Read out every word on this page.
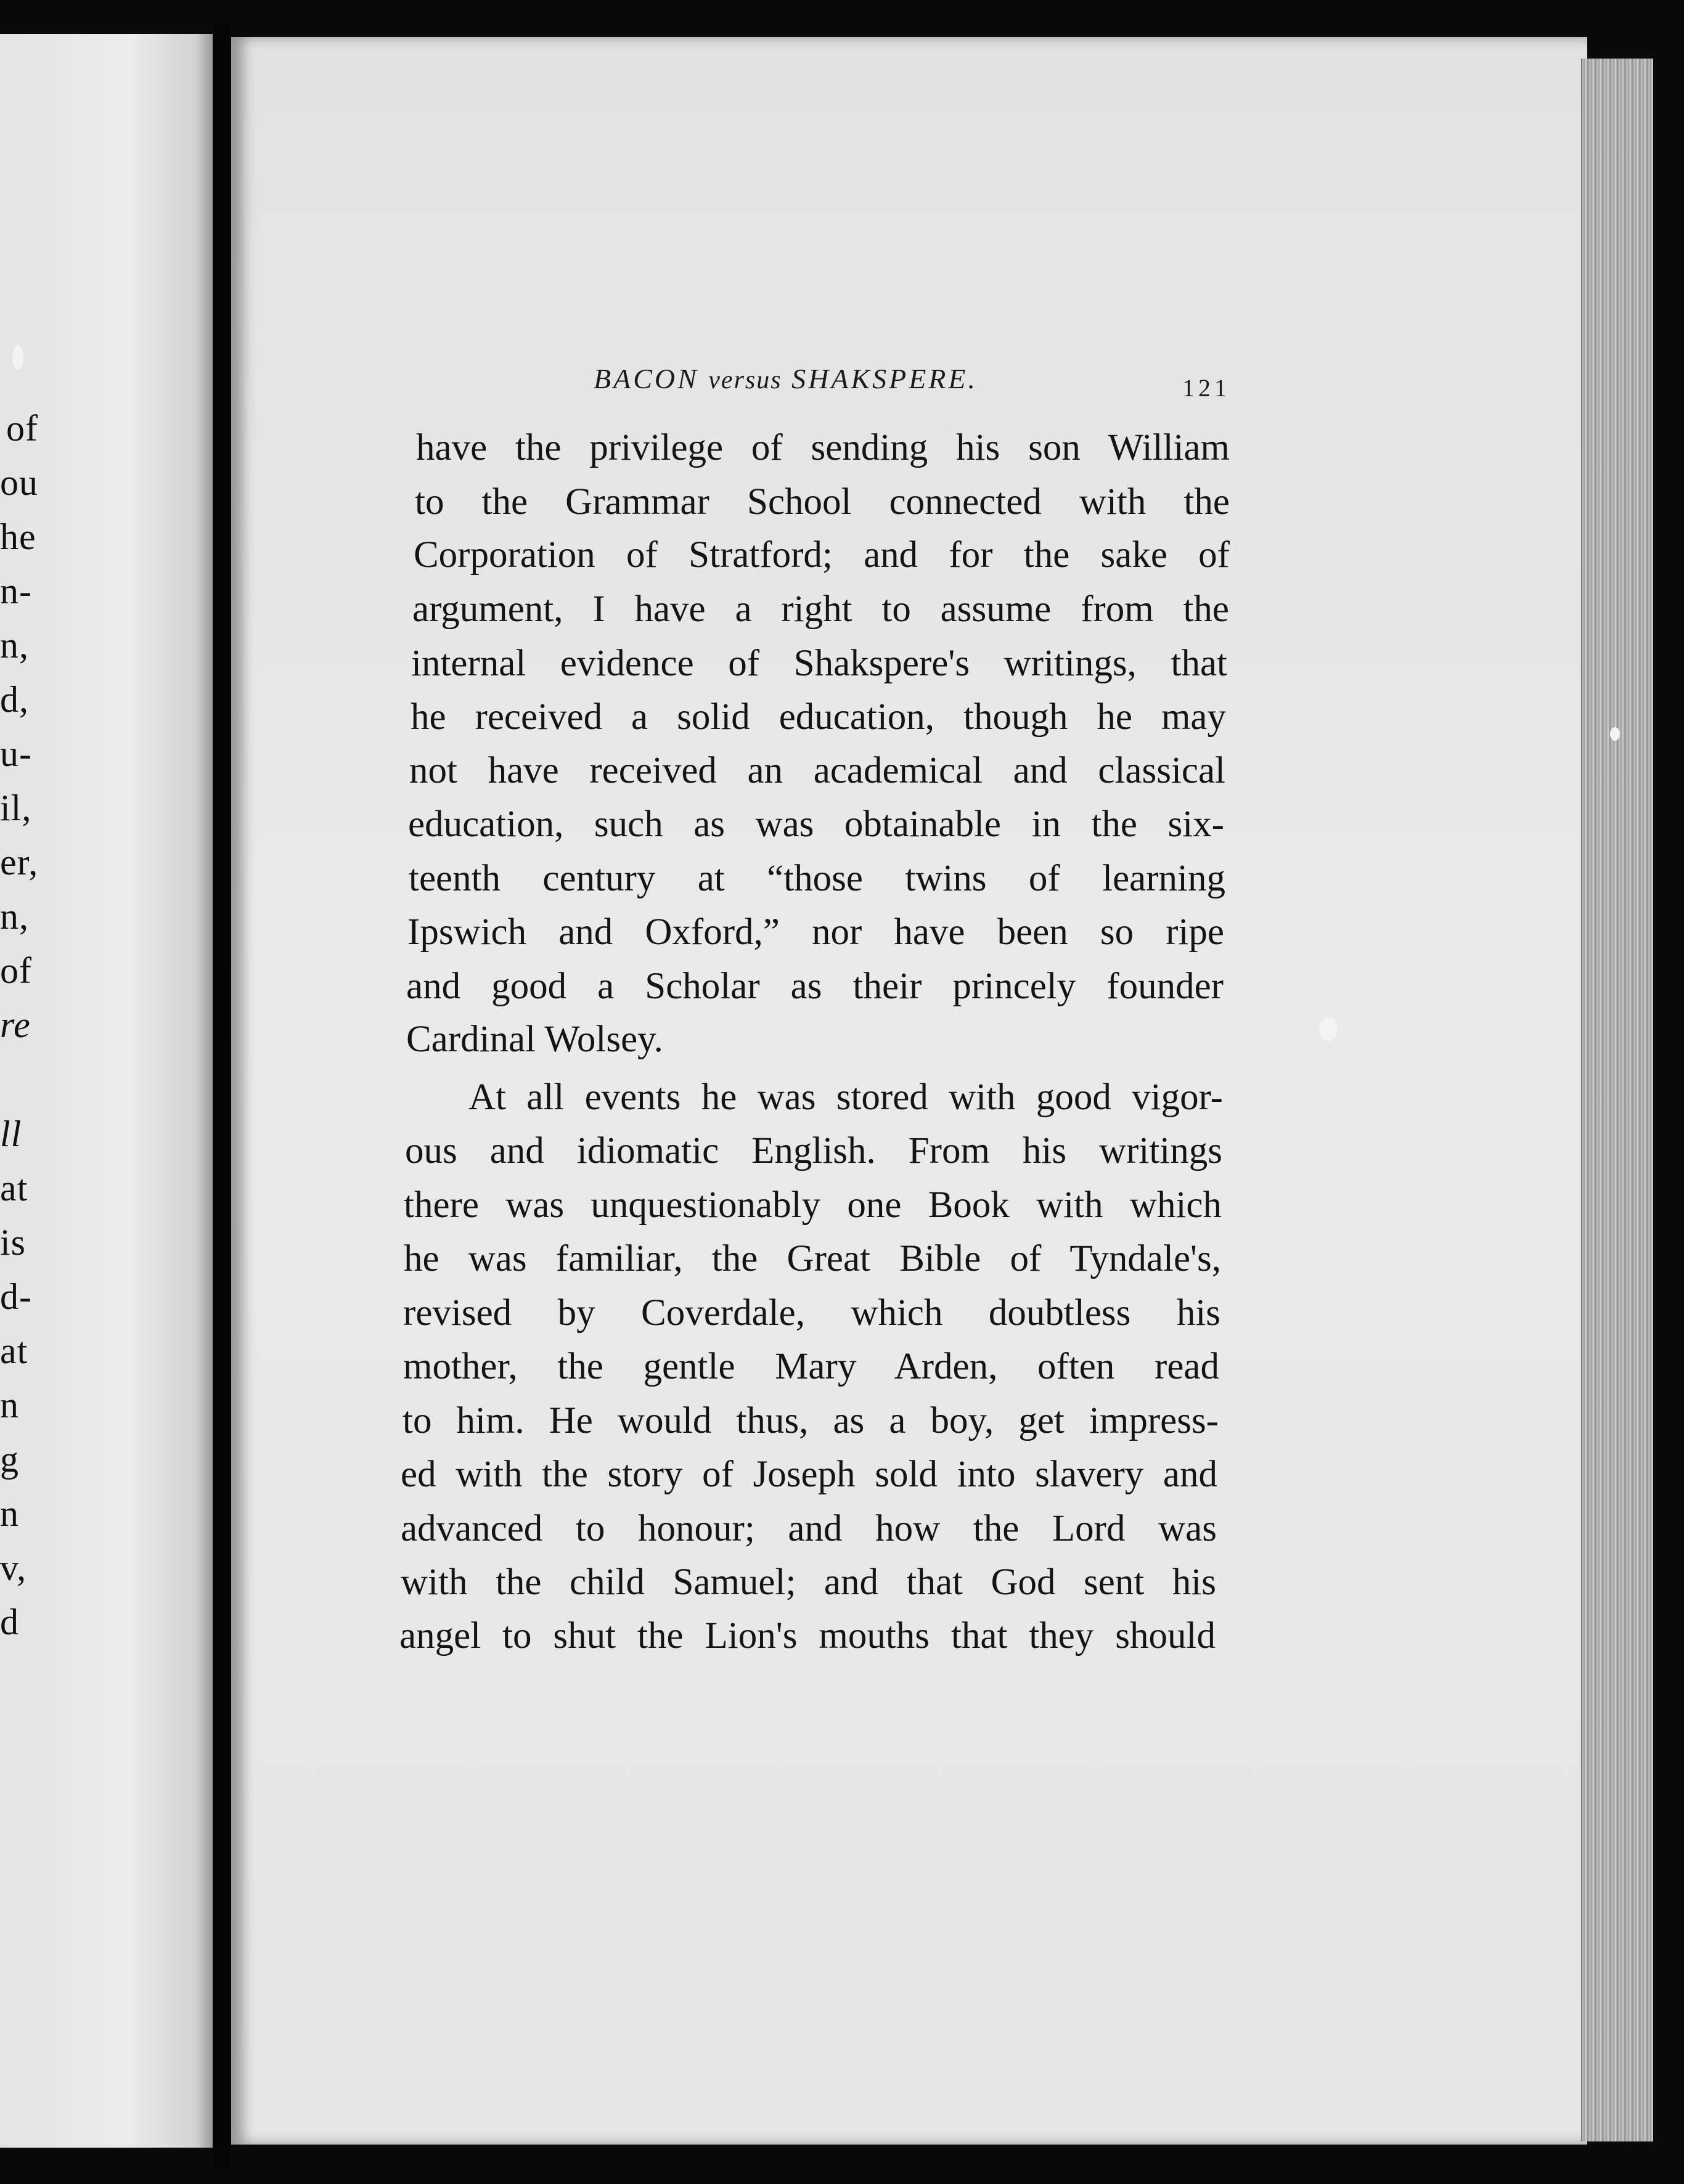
of
ou
he
n-
n,
d,
u-
il,
er,
n,
of
re
ll
at
is
d-
at
n
g
n
v,
d
BACON versus SHAKSPERE.	121
have the privilege of sending his son William
to the Grammar School connected with the
Corporation of Stratford; and for the sake of
argument, I have a right to assume from the
internal evidence of Shakspere's writings, that
he received a solid education, though he may
not have received an academical and classical
education, such as was obtainable in the six-
teenth century at “those twins of learning
Ipswich and Oxford,” nor have been so ripe
and good a Scholar as their princely founder
Cardinal Wolsey.
At all events he was stored with good vigor-
ous and idiomatic English. From his writings
there was unquestionably one Book with which
he was familiar, the Great Bible of Tyndale's,
revised by Coverdale, which doubtless his
mother, the gentle Mary Arden, often read
to him. He would thus, as a boy, get impress-
ed with the story of Joseph sold into slavery and
advanced to honour; and how the Lord was
with the child Samuel; and that God sent his
angel to shut the Lion's mouths that they should
